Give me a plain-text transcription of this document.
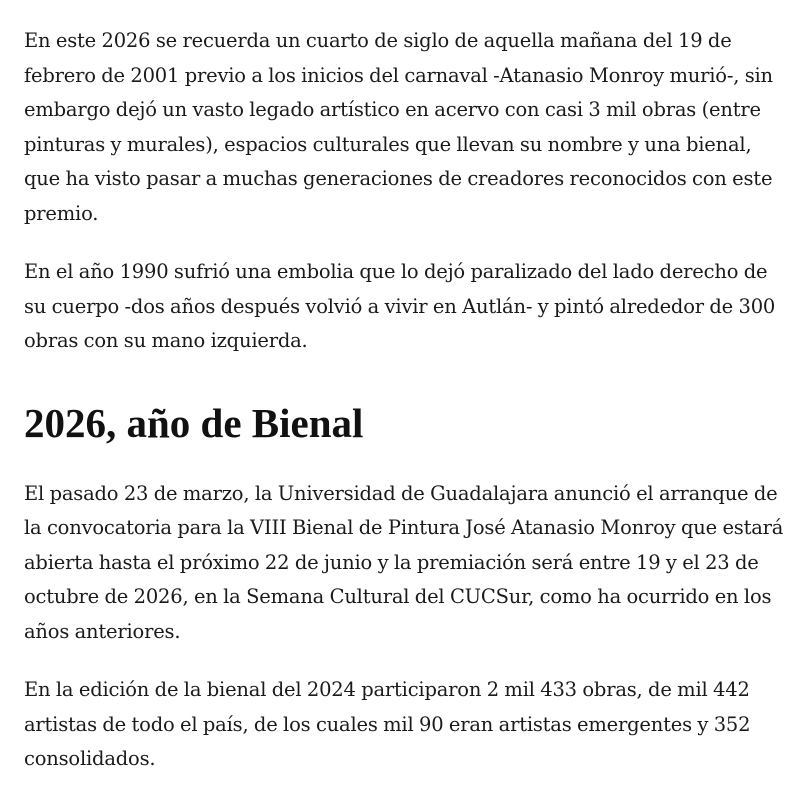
En este 2026 se recuerda un cuarto de siglo de aquella mañana del 19 de febrero de 2001 previo a los inicios del carnaval -Atanasio Monroy murió-, sin embargo dejó un vasto legado artístico en acervo con casi 3 mil obras (entre pinturas y murales), espacios culturales que llevan su nombre y una bienal, que ha visto pasar a muchas generaciones de creadores reconocidos con este premio.

En el año 1990 sufrió una embolia que lo dejó paralizado del lado derecho de su cuerpo -dos años después volvió a vivir en Autlán- y pintó alrededor de 300 obras con su mano izquierda.

2026, año de Bienal

El pasado 23 de marzo, la Universidad de Guadalajara anunció el arranque de la convocatoria para la VIII Bienal de Pintura José Atanasio Monroy que estará abierta hasta el próximo 22 de junio y la premiación será entre 19 y el 23 de octubre de 2026, en la Semana Cultural del CUCSur, como ha ocurrido en los años anteriores.

En la edición de la bienal del 2024 participaron 2 mil 433 obras, de mil 442 artistas de todo el país, de los cuales mil 90 eran artistas emergentes y 352 consolidados.
